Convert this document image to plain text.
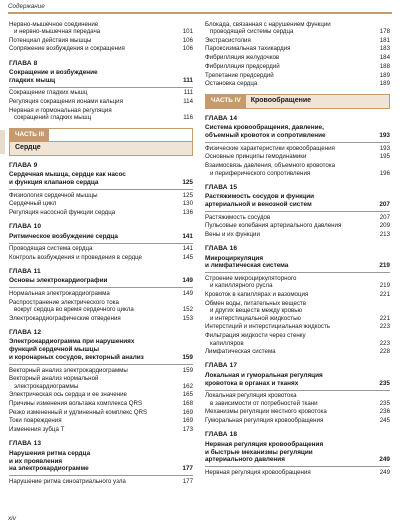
Содержание
Нервно-мышечное соединение
и нервно-мышечная передача	101
Потенциал действия мышцы	106
Сопряжение возбуждения и сокращения	106
ГЛАВА 8
Сокращение и возбуждение
гладких мышц	111
Сокращение гладких мышц	111
Регуляция сокращения ионами кальция	114
Нервная и гормональная регуляция
сокращений гладких мышц	116
ЧАСТЬ III
Сердце
ГЛАВА 9
Сердечная мышца, сердце как насос
и функция клапанов сердца	125
Физиология сердечной мышцы	125
Сердечный цикл	130
Регуляция насосной функции сердца	136
ГЛАВА 10
Ритмическое возбуждение сердца	141
Проводящая система сердца	141
Контроль возбуждения и проведения в сердце	145
ГЛАВА 11
Основы электрокардиографии	149
Нормальная электрокардиограмма	149
Распространение электрического тока
вокруг сердца во время сердечного цикла	152
Электрокардиографические отведения	153
ГЛАВА 12
Электрокардиограмма при нарушениях
функций сердечной мышцы
и коронарных сосудов, векторный анализ	159
Векторный анализ электрокардиограммы	159
Векторный анализ нормальной
электрокардиограммы	162
Электрическая ось сердца и ее значение	165
Причины изменения вольтажа комплекса QRS	168
Резко измененный и удлиненный комплекс QRS	169
Токи повреждения	169
Изменения зубца Т	173
ГЛАВА 13
Нарушения ритма сердца
и их проявления
на электрокардиограмме	177
Нарушение ритма синоатриального узла	177
Блокада, связанная с нарушением функции
проводящей системы сердца	178
Экстрасистолия	181
Пароксизмальная тахикардия	183
Фибрилляция желудочков	184
Фибрилляция предсердий	188
Трепетание предсердий	189
Остановка сердца	189
ЧАСТЬ IV	Кровообращение
ГЛАВА 14
Система кровообращения, давление,
объемный кровоток и сопротивление	193
Физические характеристики кровообращения	193
Основные принципы гемодинамики	195
Взаимосвязь давления, объемного кровотока
и периферического сопротивления	196
ГЛАВА 15
Растяжимость сосудов и функции
артериальной и венозной систем	207
Растяжимость сосудов	207
Пульсовые колебания артериального давления	209
Вены и их функции	213
ГЛАВА 16
Микроциркуляция
и лимфатическая система	219
Строение микроциркуляторного
и капиллярного русла	219
Кровоток в капиллярах и вазомоция	221
Обмен воды, питательных веществ
и других веществ между кровью
и интерстициальной жидкостью	221
Интерстиций и интерстициальная жидкость	223
Фильтрация жидкости через стенку
капилляров	223
Лимфатическая система	228
ГЛАВА 17
Локальная и гуморальная регуляция
кровотока в органах и тканях	235
Локальная регуляция кровотока
в зависимости от потребностей ткани	235
Механизмы регуляции местного кровотока	236
Гуморальная регуляция кровообращения	245
ГЛАВА 18
Нервная регуляция кровообращения
и быстрые механизмы регуляции
артериального давления	249
Нервная регуляция кровообращения	249
xiv
